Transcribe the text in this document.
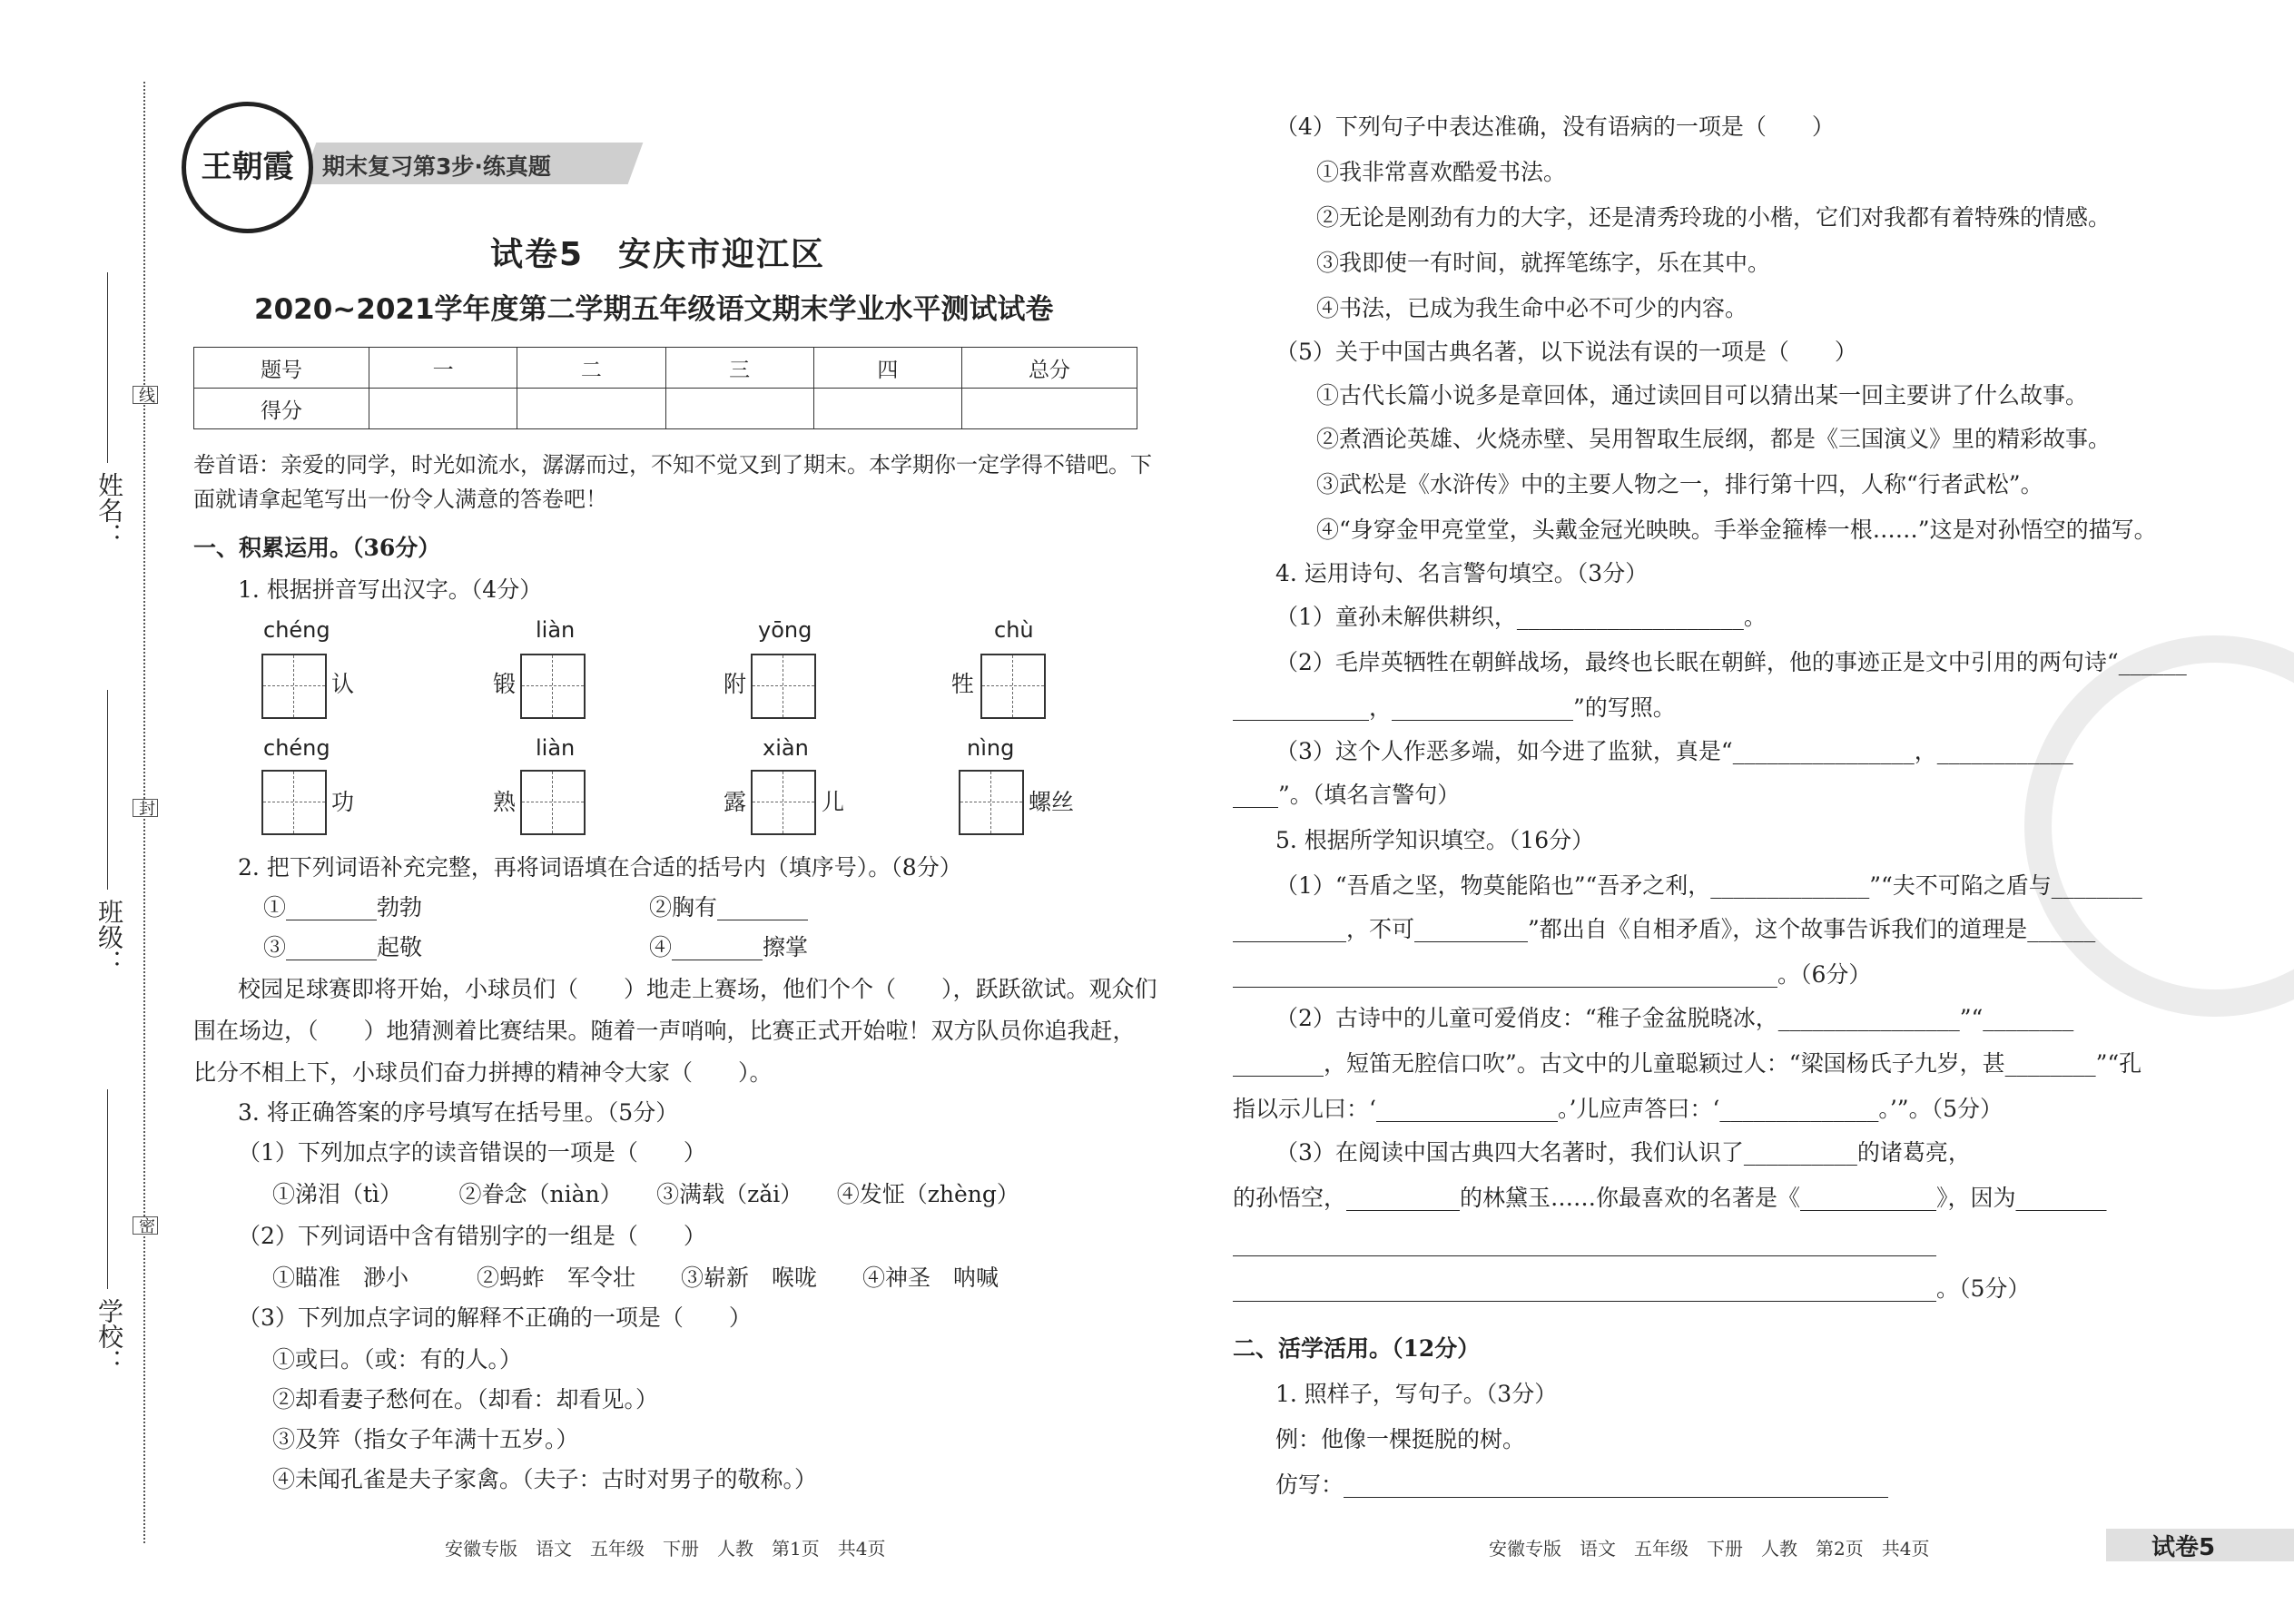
姓名：
班级：
学校：
线
封
密
期末复习第3步·练真题
王朝霞
试卷5　安庆市迎江区
2020~2021学年度第二学期五年级语文期末学业水平测试试卷
题号	一	二	三	四	总分
得分					
卷首语：亲爱的同学，时光如流水，潺潺而过，不知不觉又到了期末。本学期你一定学得不错吧。下
面就请拿起笔写出一份令人满意的答卷吧！
一、积累运用。（36分）
1. 根据拼音写出汉字。（4分）
chéng	liàn	yōng	chù
认	锻	附	牲
chéng	liàn	xiàn	nìng
功	熟	露	儿	螺丝
2. 把下列词语补充完整，再将词语填在合适的括号内（填序号）。（8分）
①________勃勃　　　　　　　　　　②胸有________
③________起敬　　　　　　　　　　④________擦掌
校园足球赛即将开始，小球员们（　　）地走上赛场，他们个个（　　），跃跃欲试。观众们
围在场边，（　　）地猜测着比赛结果。随着一声哨响，比赛正式开始啦！双方队员你追我赶，
比分不相上下，小球员们奋力拼搏的精神令大家（　　）。
3. 将正确答案的序号填写在括号里。（5分）
（1）下列加点字的读音错误的一项是（　　）
①涕泪（tì）　　　②眷念（niàn）　　③满载（zǎi）　　④发怔（zhèng）
（2）下列词语中含有错别字的一组是（　　）
①瞄准　渺小　　　②蚂蚱　军令壮　　③崭新　喉咙　　④神圣　呐喊
（3）下列加点字词的解释不正确的一项是（　　）
①或曰。（或：有的人。）
②却看妻子愁何在。（却看：却看见。）
③及笄（指女子年满十五岁。）
④未闻孔雀是夫子家禽。（夫子：古时对男子的敬称。）
（4）下列句子中表达准确，没有语病的一项是（　　）
①我非常喜欢酷爱书法。
②无论是刚劲有力的大字，还是清秀玲珑的小楷，它们对我都有着特殊的情感。
③我即使一有时间，就挥笔练字，乐在其中。
④书法，已成为我生命中必不可少的内容。
（5）关于中国古典名著，以下说法有误的一项是（　　）
①古代长篇小说多是章回体，通过读回目可以猜出某一回主要讲了什么故事。
②煮酒论英雄、火烧赤壁、吴用智取生辰纲，都是《三国演义》里的精彩故事。
③武松是《水浒传》中的主要人物之一，排行第十四，人称“行者武松”。
④“身穿金甲亮堂堂，头戴金冠光映映。手举金箍棒一根……”这是对孙悟空的描写。
4. 运用诗句、名言警句填空。（3分）
（1）童孙未解供耕织，____________________。
（2）毛岸英牺牲在朝鲜战场，最终也长眠在朝鲜，他的事迹正是文中引用的两句诗“______
____________，________________”的写照。
（3）这个人作恶多端，如今进了监狱，真是“________________，____________
____”。（填名言警句）
5. 根据所学知识填空。（16分）
（1）“吾盾之坚，物莫能陷也”“吾矛之利，______________”“夫不可陷之盾与________
__________，不可__________”都出自《自相矛盾》，这个故事告诉我们的道理是______
________________________________________________。（6分）
（2）古诗中的儿童可爱俏皮：“稚子金盆脱晓冰，________________”“________
________，短笛无腔信口吹”。古文中的儿童聪颖过人：“梁国杨氏子九岁，甚________”“孔
指以示儿曰：‘________________。’儿应声答曰：‘______________。’”。（5分）
（3）在阅读中国古典四大名著时，我们认识了__________的诸葛亮，
的孙悟空，__________的林黛玉……你最喜欢的名著是《____________》，因为________
______________________________________________________________
______________________________________________________________。（5分）
二、活学活用。（12分）
1. 照样子，写句子。（3分）
例：他像一棵挺脱的树。
仿写：________________________________________________
安徽专版　语文　五年级　下册　人教　第1页　共4页	安徽专版　语文　五年级　下册　人教　第2页　共4页	试卷5
